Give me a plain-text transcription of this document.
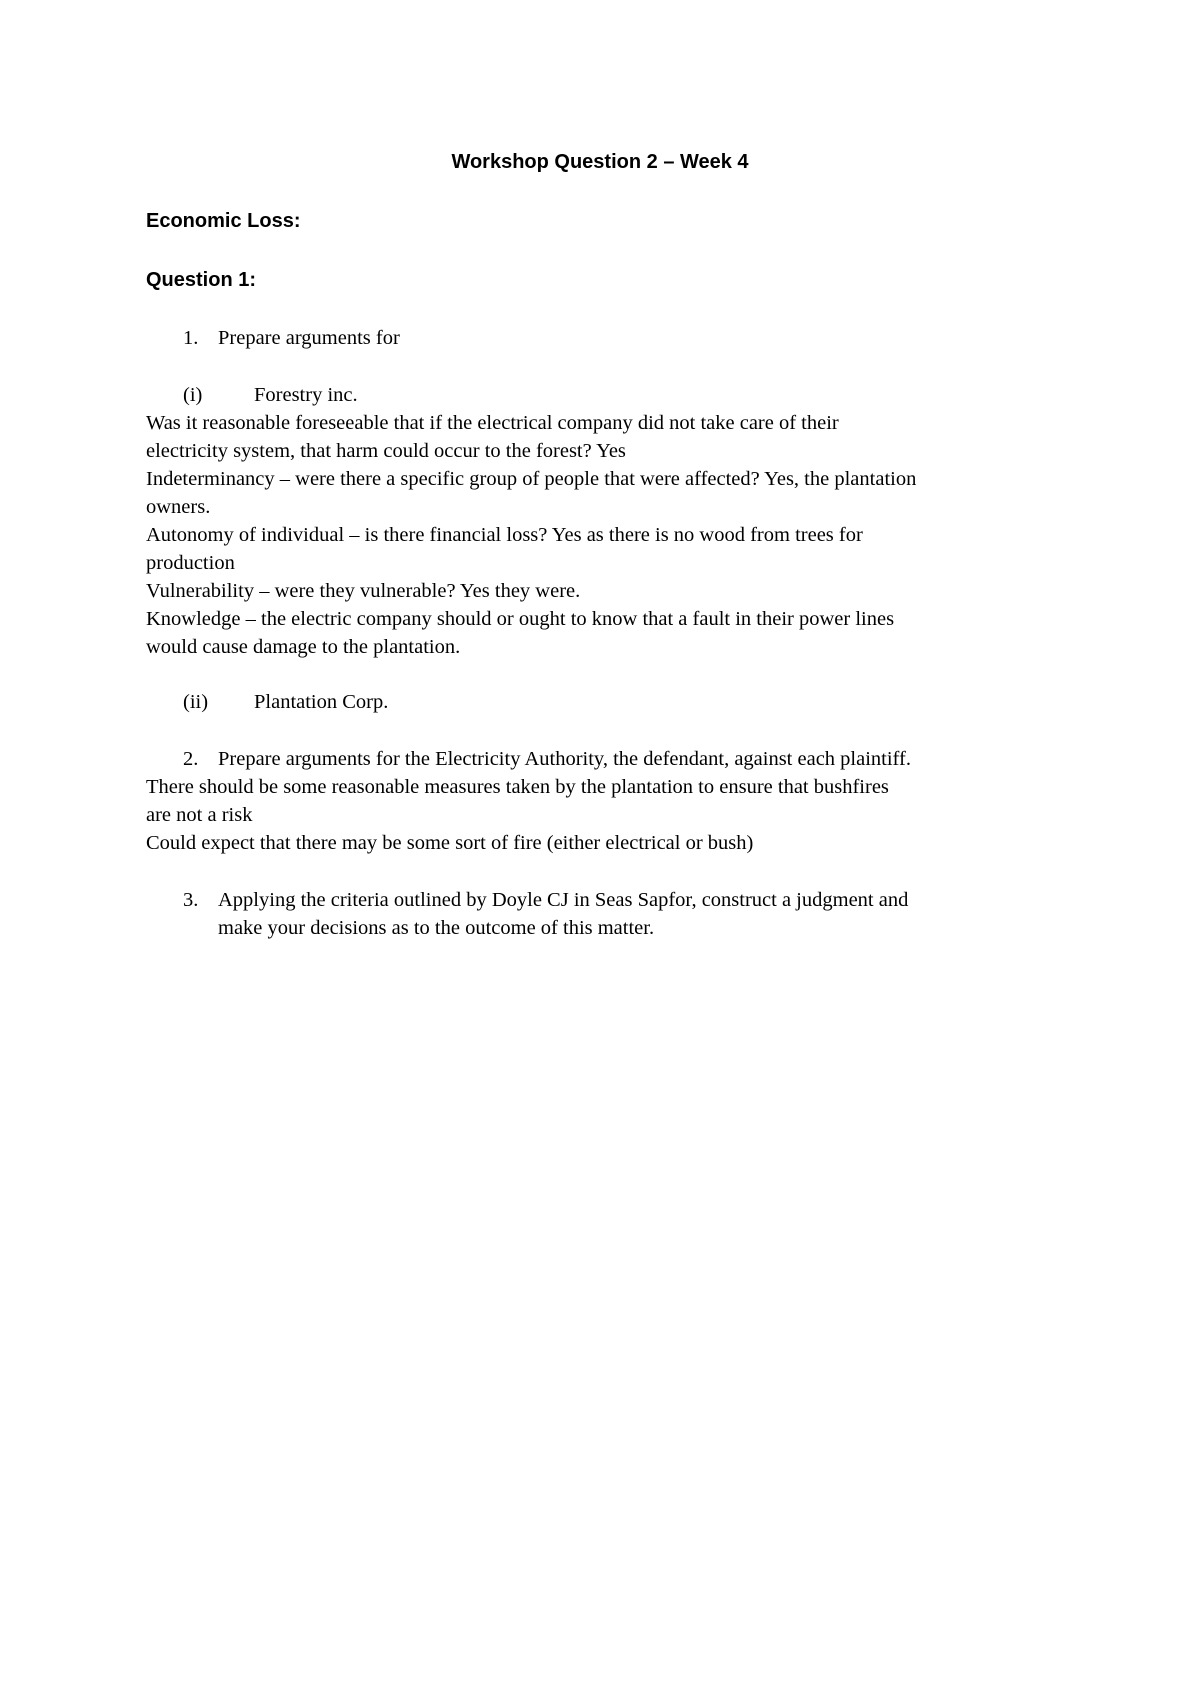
Workshop Question 2 – Week 4
Economic Loss:
Question 1:
1. Prepare arguments for
(i)	Forestry inc.

Was it reasonable foreseeable that if the electrical company did not take care of their

electricity system, that harm could occur to the forest? Yes

Indeterminancy – were there a specific group of people that were affected? Yes, the plantation

owners.

Autonomy of individual – is there financial loss? Yes as there is no wood from trees for

production

Vulnerability – were they vulnerable? Yes they were.

Knowledge – the electric company should or ought to know that a fault in their power lines

would cause damage to the plantation.

(ii) Plantation Corp.
2. Prepare arguments for the Electricity Authority, the defendant, against each plaintiff.

There should be some reasonable measures taken by the plantation to ensure that bushfires

are not a risk

Could expect that there may be some sort of fire (either electrical or bush)

3. Applying the criteria outlined by Doyle CJ in Seas Sapfor, construct a judgment and
make your decisions as to the outcome of this matter.
